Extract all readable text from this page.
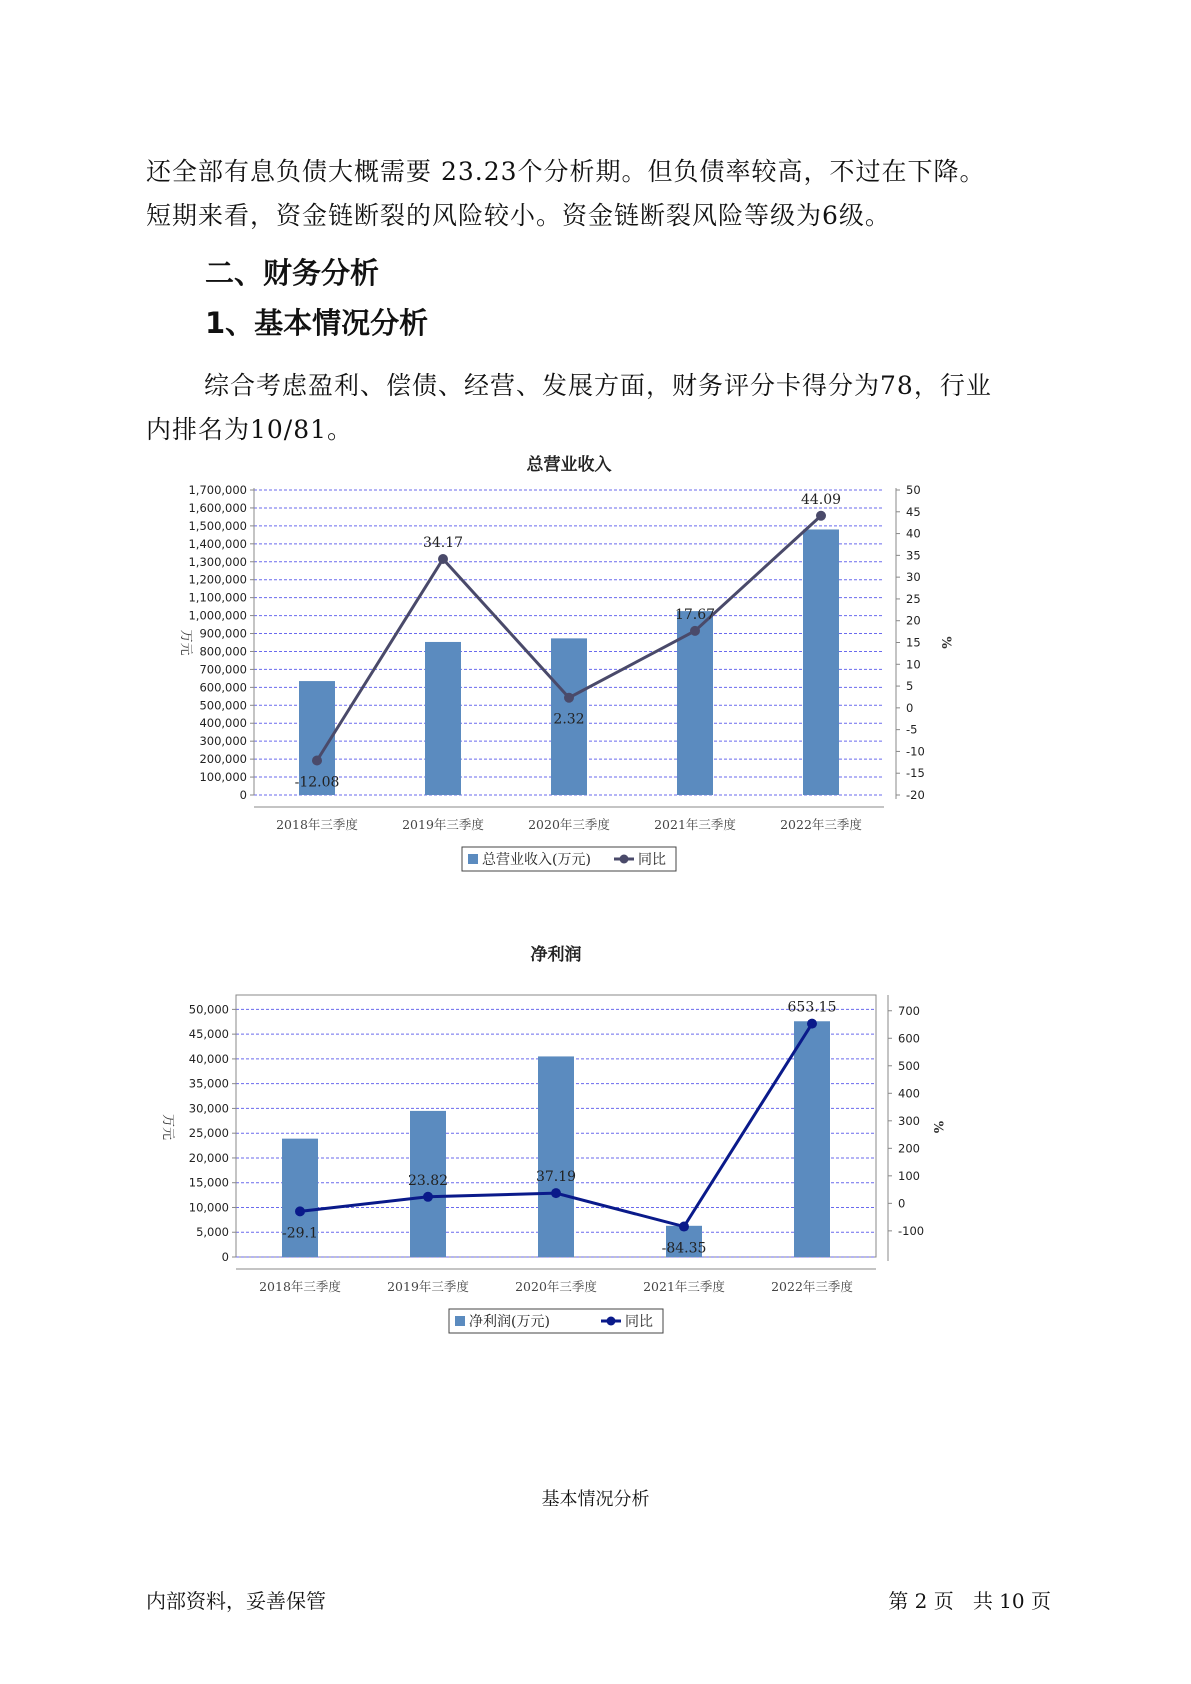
还全部有息负债大概需要 23.23个分析期。但负债率较高，不过在下降。

短期来看，资金链断裂的风险较小。资金链断裂风险等级为6级。

二、财务分析
1、基本情况分析

综合考虑盈利、偿债、经营、发展方面，财务评分卡得分为78，行业

内排名为10/81。

总营业收入
0
100,000
200,000
300,000
400,000
500,000
600,000
700,000
800,000
900,000
1,000,000
1,100,000
1,200,000
1,300,000
1,400,000
1,500,000
1,600,000
1,700,000
-20
-15
-10
-5
0
5
10
15
20
25
30
35
40
45
50
万元	%
-12.08
34.17
2.32
17.67
44.09
2018年三季度	2019年三季度	2020年三季度	2021年三季度	2022年三季度
总营业收入(万元)	同比
净利润
0
5,000
10,000
15,000
20,000
25,000
30,000
35,000
40,000
45,000
50,000
-100
0
100
200
300
400
500
600
700
万元	%
-29.1
23.82	37.19
-84.35
653.15
2018年三季度	2019年三季度	2020年三季度	2021年三季度	2022年三季度
净利润(万元)	同比
基本情况分析
内部资料，妥善保管	第 2 页   共 10 页
